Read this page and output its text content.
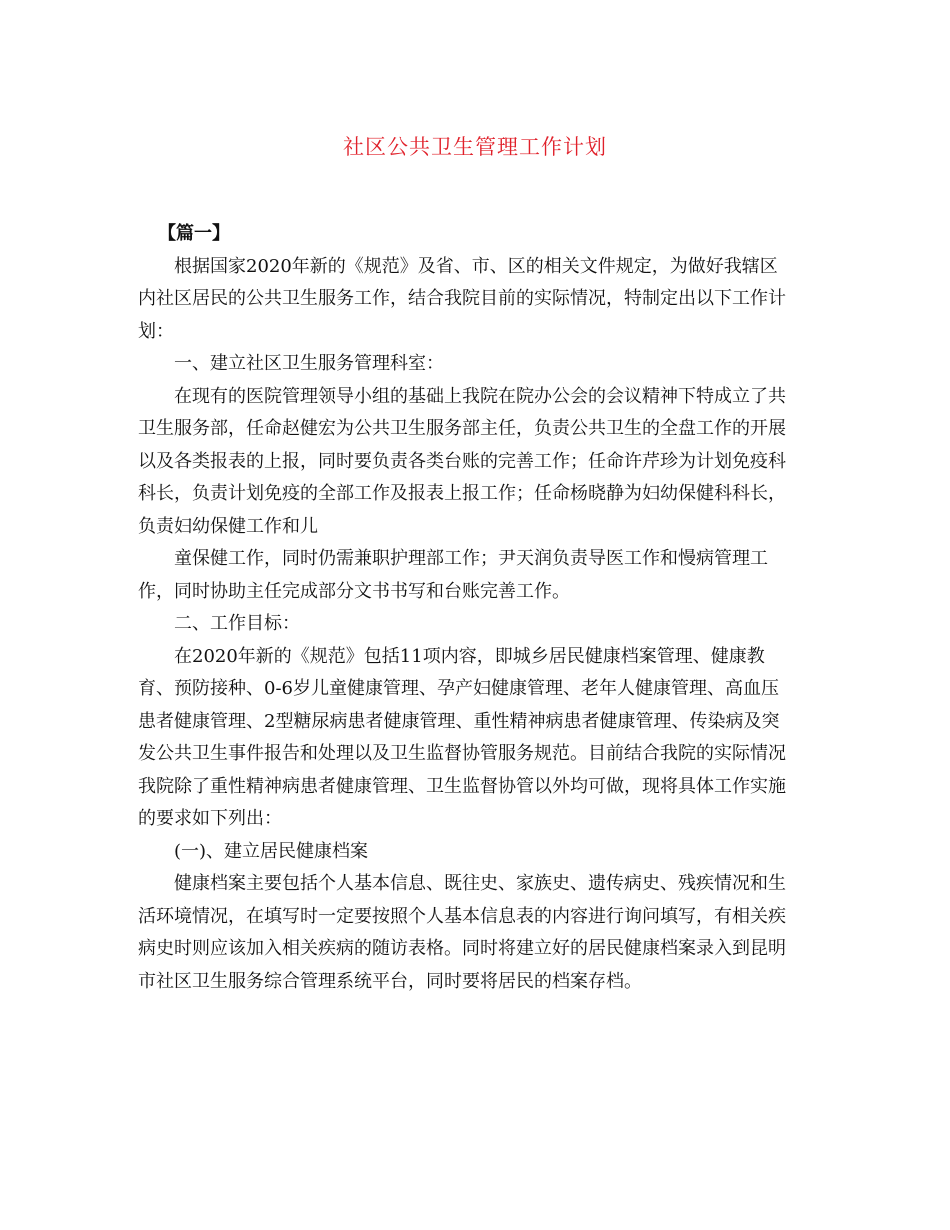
社区公共卫生管理工作计划

【篇一】

根据国家2020年新的《规范》及省、市、区的相关文件规定，为做好我辖区
内社区居民的公共卫生服务工作，结合我院目前的实际情况，特制定出以下工作计
划：
一、建立社区卫生服务管理科室：
在现有的医院管理领导小组的基础上我院在院办公会的会议精神下特成立了共
卫生服务部，任命赵健宏为公共卫生服务部主任，负责公共卫生的全盘工作的开展
以及各类报表的上报，同时要负责各类台账的完善工作；任命许芹珍为计划免疫科
科长，负责计划免疫的全部工作及报表上报工作；任命杨晓静为妇幼保健科科长，
负责妇幼保健工作和儿
童保健工作，同时仍需兼职护理部工作；尹天润负责导医工作和慢病管理工
作，同时协助主任完成部分文书书写和台账完善工作。
二、工作目标：
在2020年新的《规范》包括11项内容，即城乡居民健康档案管理、健康教
育、预防接种、0-6岁儿童健康管理、孕产妇健康管理、老年人健康管理、高血压
患者健康管理、2型糖尿病患者健康管理、重性精神病患者健康管理、传染病及突
发公共卫生事件报告和处理以及卫生监督协管服务规范。目前结合我院的实际情况
我院除了重性精神病患者健康管理、卫生监督协管以外均可做，现将具体工作实施
的要求如下列出：
(一)、建立居民健康档案
健康档案主要包括个人基本信息、既往史、家族史、遗传病史、残疾情况和生
活环境情况，在填写时一定要按照个人基本信息表的内容进行询问填写，有相关疾
病史时则应该加入相关疾病的随访表格。同时将建立好的居民健康档案录入到昆明
市社区卫生服务综合管理系统平台，同时要将居民的档案存档。
